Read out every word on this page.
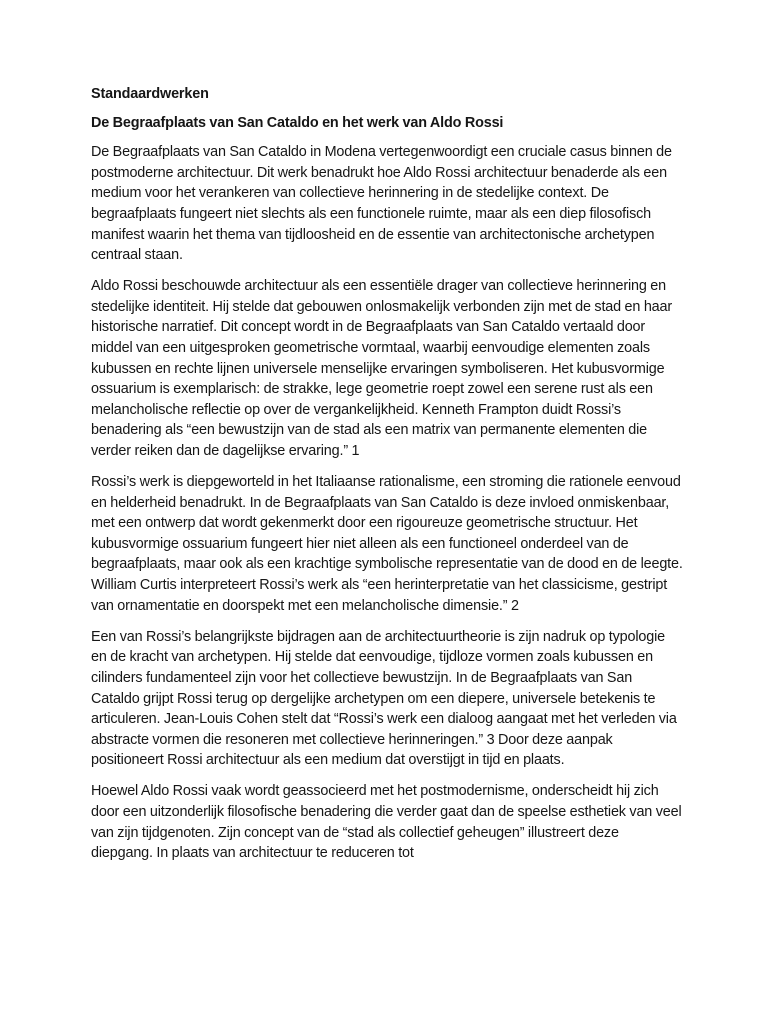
Standaardwerken

De Begraafplaats van San Cataldo en het werk van Aldo Rossi

De Begraafplaats van San Cataldo in Modena vertegenwoordigt een cruciale casus binnen de postmoderne architectuur. Dit werk benadrukt hoe Aldo Rossi architectuur benaderde als een medium voor het verankeren van collectieve herinnering in de stedelijke context. De begraafplaats fungeert niet slechts als een functionele ruimte, maar als een diep filosofisch manifest waarin het thema van tijdloosheid en de essentie van architectonische archetypen centraal staan.

Aldo Rossi beschouwde architectuur als een essentiële drager van collectieve herinnering en stedelijke identiteit. Hij stelde dat gebouwen onlosmakelijk verbonden zijn met de stad en haar historische narratief. Dit concept wordt in de Begraafplaats van San Cataldo vertaald door middel van een uitgesproken geometrische vormtaal, waarbij eenvoudige elementen zoals kubussen en rechte lijnen universele menselijke ervaringen symboliseren. Het kubusvormige ossuarium is exemplarisch: de strakke, lege geometrie roept zowel een serene rust als een melancholische reflectie op over de vergankelijkheid. Kenneth Frampton duidt Rossi’s benadering als “een bewustzijn van de stad als een matrix van permanente elementen die verder reiken dan de dagelijkse ervaring.” 1

Rossi’s werk is diepgeworteld in het Italiaanse rationalisme, een stroming die rationele eenvoud en helderheid benadrukt. In de Begraafplaats van San Cataldo is deze invloed onmiskenbaar, met een ontwerp dat wordt gekenmerkt door een rigoureuze geometrische structuur. Het kubusvormige ossuarium fungeert hier niet alleen als een functioneel onderdeel van de begraafplaats, maar ook als een krachtige symbolische representatie van de dood en de leegte. William Curtis interpreteert Rossi’s werk als “een herinterpretatie van het classicisme, gestript van ornamentatie en doorspekt met een melancholische dimensie.” 2

Een van Rossi’s belangrijkste bijdragen aan de architectuurtheorie is zijn nadruk op typologie en de kracht van archetypen. Hij stelde dat eenvoudige, tijdloze vormen zoals kubussen en cilinders fundamenteel zijn voor het collectieve bewustzijn. In de Begraafplaats van San Cataldo grijpt Rossi terug op dergelijke archetypen om een diepere, universele betekenis te articuleren. Jean-Louis Cohen stelt dat “Rossi’s werk een dialoog aangaat met het verleden via abstracte vormen die resoneren met collectieve herinneringen.” 3 Door deze aanpak positioneert Rossi architectuur als een medium dat overstijgt in tijd en plaats.

Hoewel Aldo Rossi vaak wordt geassocieerd met het postmodernisme, onderscheidt hij zich door een uitzonderlijk filosofische benadering die verder gaat dan de speelse esthetiek van veel van zijn tijdgenoten. Zijn concept van de “stad als collectief geheugen” illustreert deze diepgang. In plaats van architectuur te reduceren tot
